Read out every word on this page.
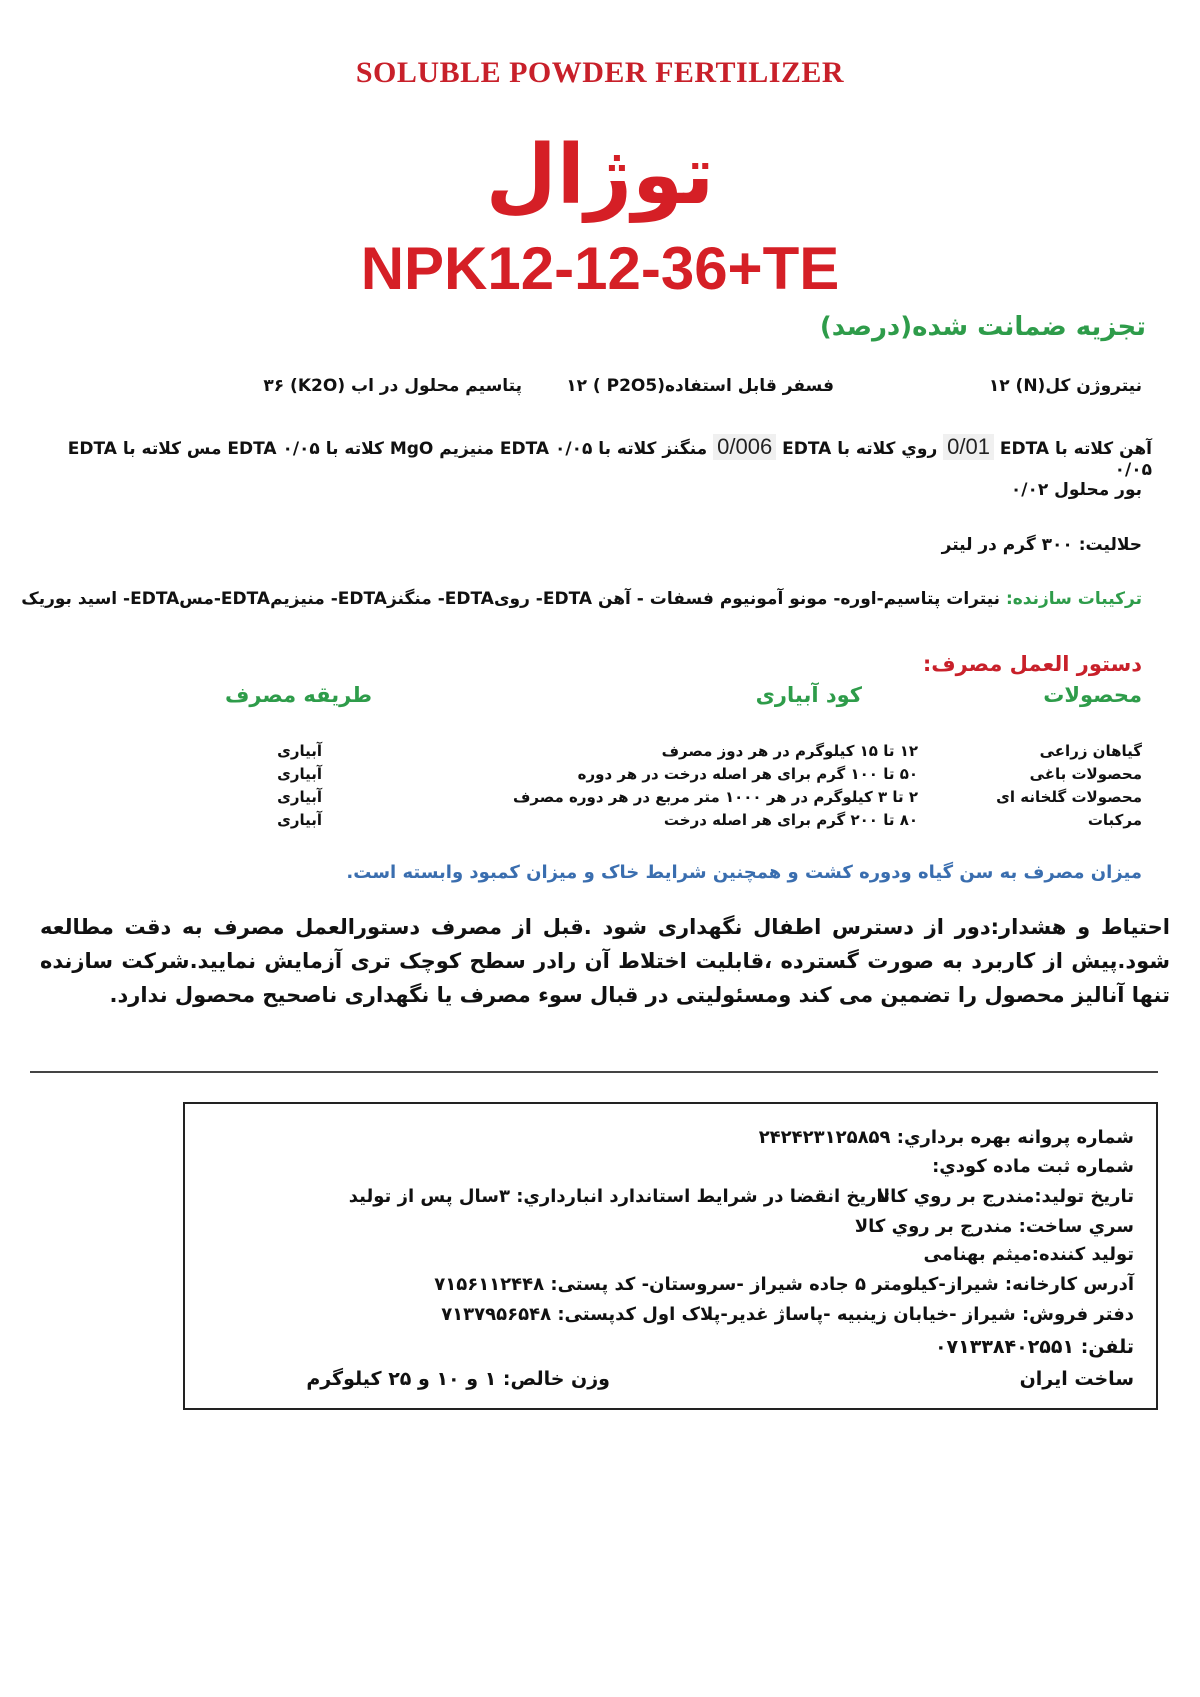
SOLUBLE POWDER FERTILIZER
توژال
NPK12-12-36+TE
تجزیه ضمانت شده(درصد)
نیتروژن کل(N) ۱۲
فسفر قابل استفاده(P2O5 ) ۱۲
پتاسیم محلول در اب (K2O) ۳۶
آهن کلاته با EDTA 0/01 روي کلاته با EDTA 0/006 منگنز کلاته با EDTA ۰/۰۵ منیزیم MgO کلاته با EDTA ۰/۰۵ مس کلاته با EDTA ۰/۰۵
بور محلول ۰/۰۲
حلالیت: ۳۰۰ گرم در لیتر
ترکیبات سازنده: نیترات پتاسیم-اوره- مونو آمونیوم فسفات - آهن EDTA- رویEDTA- منگنزEDTA- منیزیمEDTA-مسEDTA- اسید بوریک
دستور العمل مصرف:
محصولات
کود آبیاری
طریقه مصرف
گیاهان زراعی
۱۲ تا ۱۵ کیلوگرم در هر دوز مصرف
آبیاری
محصولات باغی
۵۰ تا ۱۰۰ گرم برای هر اصله درخت در هر دوره
آبیاری
محصولات گلخانه ای
۲ تا ۳ کیلوگرم در هر ۱۰۰۰ متر مربع در هر دوره مصرف
آبیاری
مرکبات
۸۰ تا ۲۰۰ گرم برای هر اصله درخت
آبیاری
میزان مصرف به سن گیاه ودوره کشت و همچنین شرایط خاک و میزان کمبود وابسته است.
احتیاط و هشدار:دور از دسترس اطفال نگهداری شود .قبل از مصرف دستورالعمل مصرف به دقت مطالعه شود.پیش از کاربرد به صورت گسترده ،قابلیت اختلاط آن رادر سطح کوچک تری آزمایش نمایید.شرکت سازنده تنها آنالیز محصول را تضمین می کند ومسئولیتی در قبال سوء مصرف یا نگهداری ناصحیح محصول ندارد.
شماره پروانه بهره برداري: ۲۴۲۴۲۳۱۲۵۸۵۹
شماره ثبت ماده کودي:
تاريخ توليد:مندرج بر روي کالا
تاريخ انقضا در شرايط استاندارد انبارداري: ۳سال پس از توليد
سري ساخت: مندرج بر روي کالا
توليد کننده:ميثم بهنامی
آدرس کارخانه: شیراز-کیلومتر ۵ جاده شیراز -سروستان- کد پستی: ۷۱۵۶۱۱۲۴۴۸
دفتر فروش: شیراز -خیابان زینبیه -پاساژ غدیر-پلاک اول کدپستی: ۷۱۳۷۹۵۶۵۴۸
تلفن: ۰۷۱۳۳۸۴۰۲۵۵۱
ساخت ایران
وزن خالص: ۱ و ۱۰ و ۲۵ کیلوگرم
